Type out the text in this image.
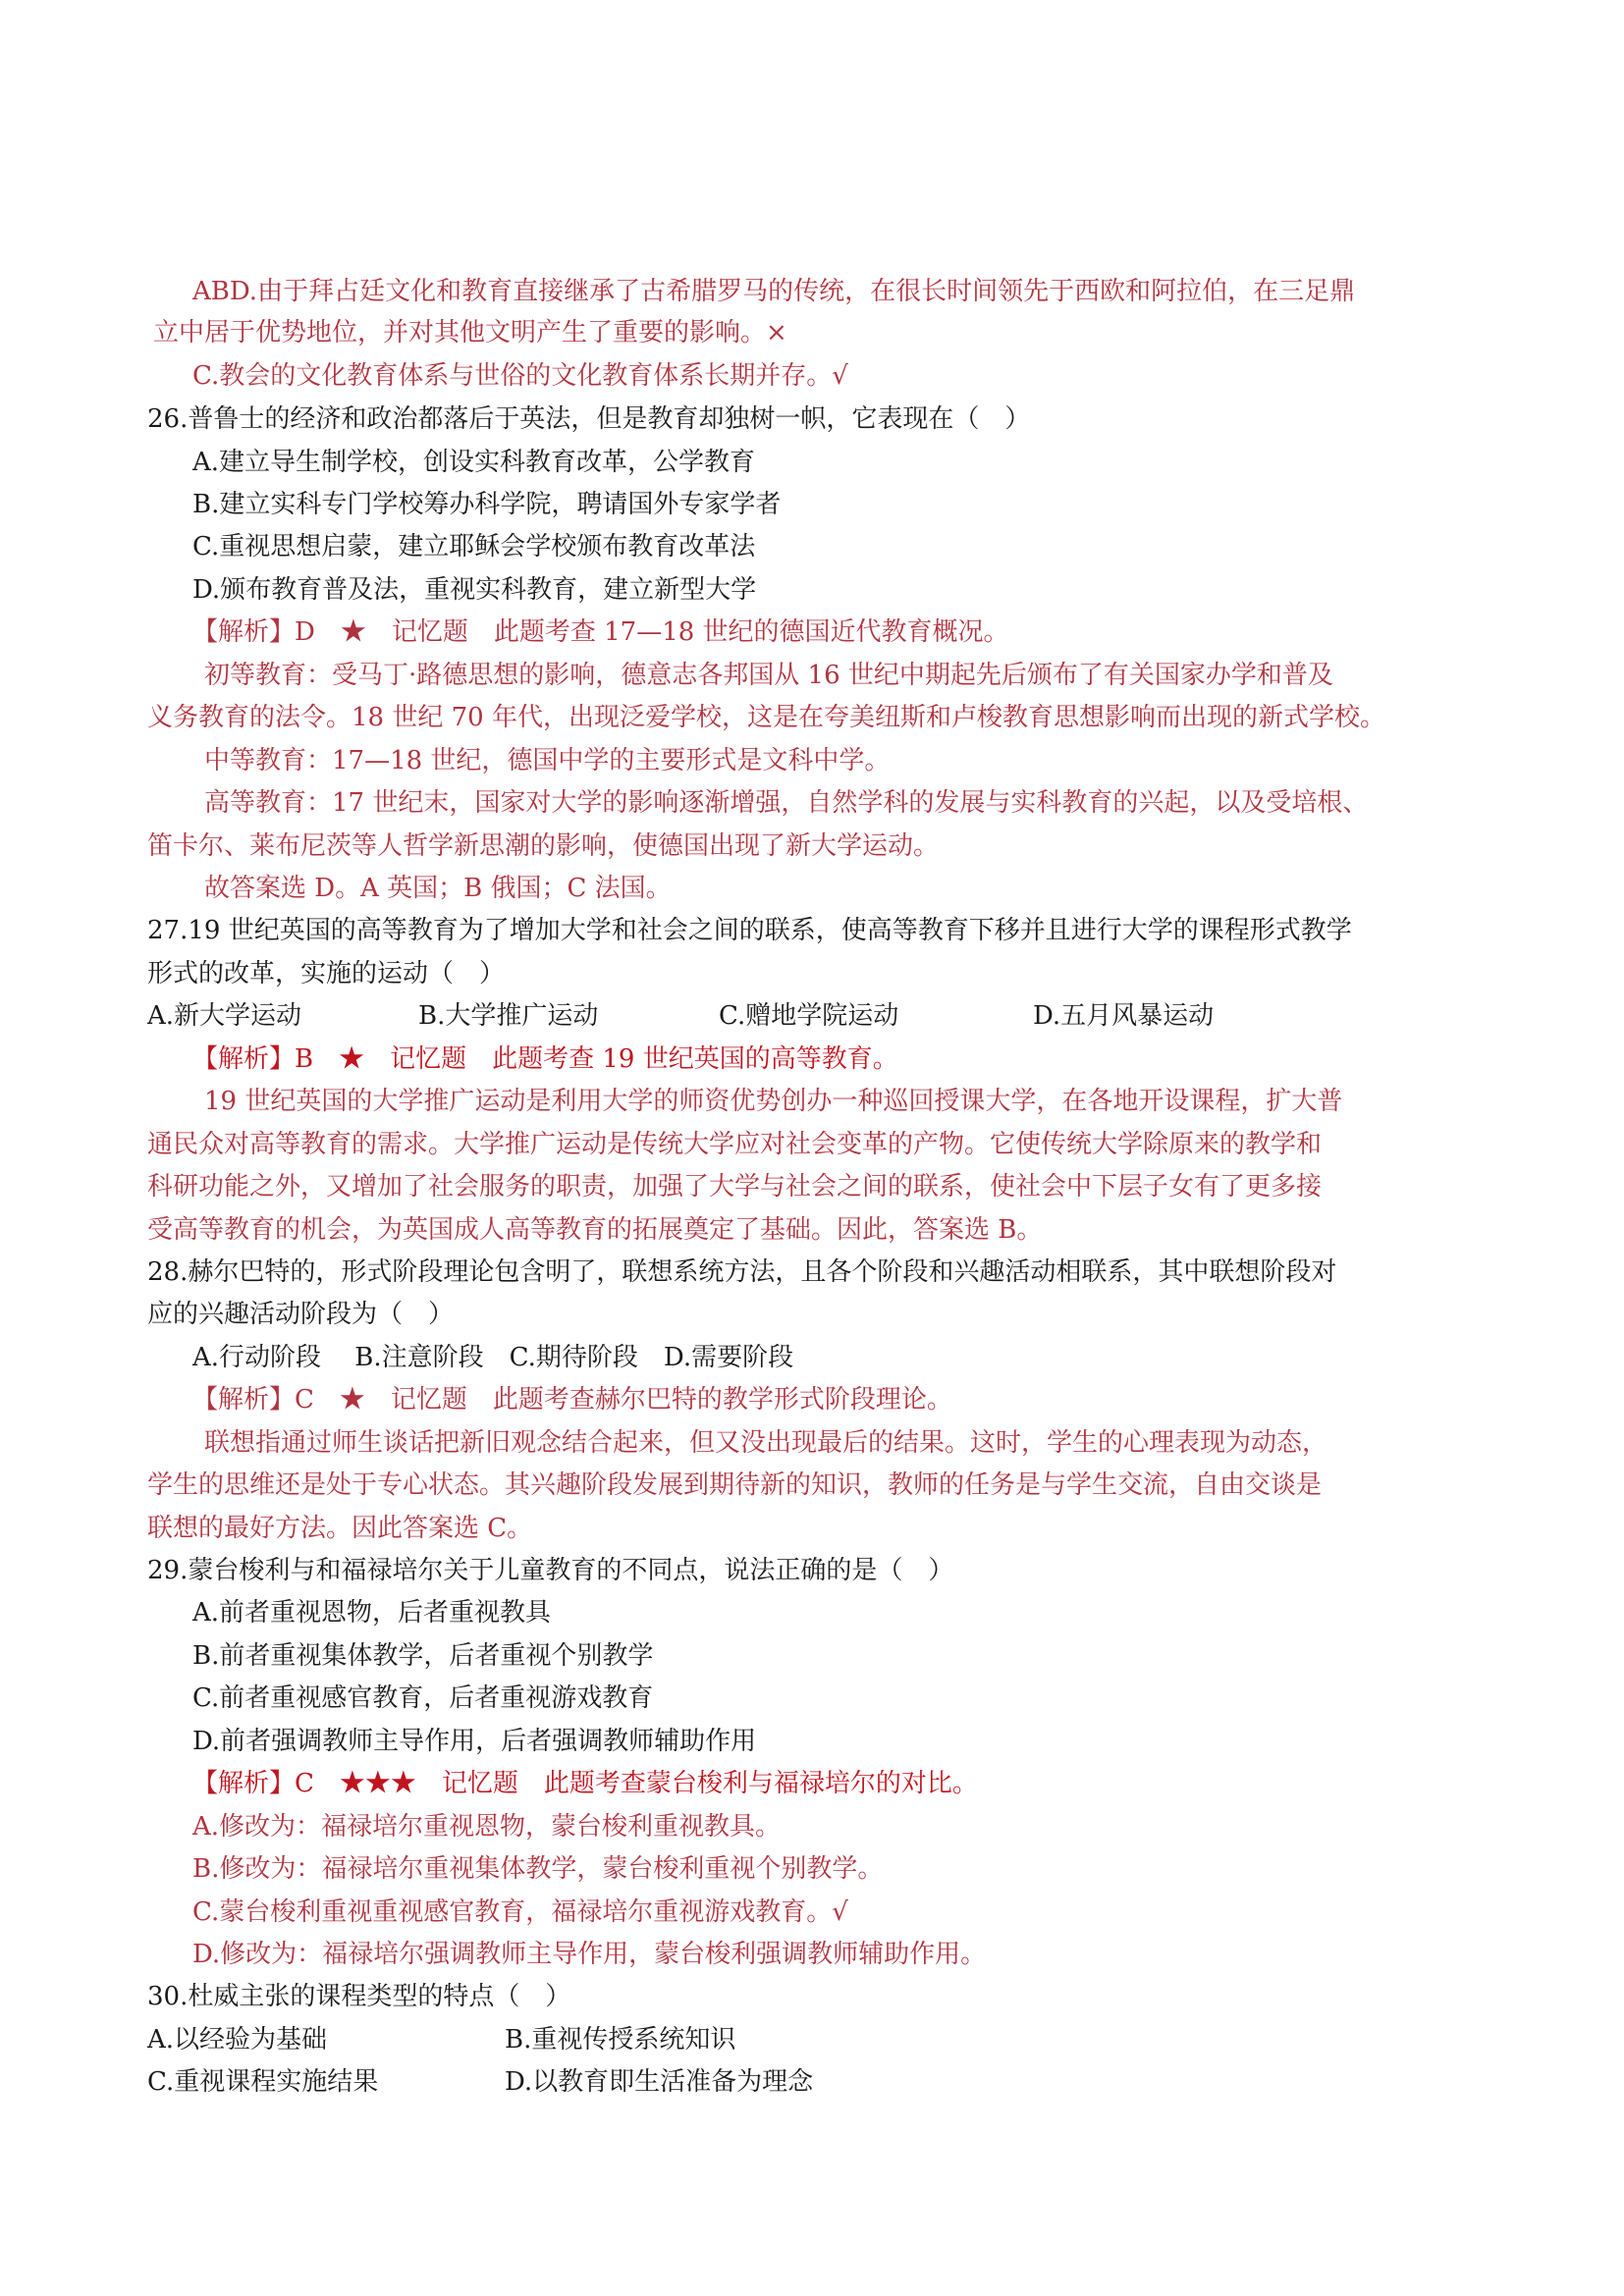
ABD.由于拜占廷文化和教育直接继承了古希腊罗马的传统，在很长时间领先于西欧和阿拉伯，在三足鼎
立中居于优势地位，并对其他文明产生了重要的影响。×
C.教会的文化教育体系与世俗的文化教育体系长期并存。√
26.普鲁士的经济和政治都落后于英法，但是教育却独树一帜，它表现在（　）
A.建立导生制学校，创设实科教育改革，公学教育
B.建立实科专门学校筹办科学院，聘请国外专家学者
C.重视思想启蒙，建立耶稣会学校颁布教育改革法
D.颁布教育普及法，重视实科教育，建立新型大学
【解析】D　★　记忆题　此题考查 17—18 世纪的德国近代教育概况。
初等教育：受马丁·路德思想的影响，德意志各邦国从 16 世纪中期起先后颁布了有关国家办学和普及
义务教育的法令。18 世纪 70 年代，出现泛爱学校，这是在夸美纽斯和卢梭教育思想影响而出现的新式学校。
中等教育：17—18 世纪，德国中学的主要形式是文科中学。
高等教育：17 世纪末，国家对大学的影响逐渐增强，自然学科的发展与实科教育的兴起，以及受培根、
笛卡尔、莱布尼茨等人哲学新思潮的影响，使德国出现了新大学运动。
故答案选 D。A 英国；B 俄国；C 法国。
27.19 世纪英国的高等教育为了增加大学和社会之间的联系，使高等教育下移并且进行大学的课程形式教学
形式的改革，实施的运动（　）
A.新大学运动	B.大学推广运动	C.赠地学院运动	D.五月风暴运动
【解析】B　★　记忆题　此题考查 19 世纪英国的高等教育。
19 世纪英国的大学推广运动是利用大学的师资优势创办一种巡回授课大学，在各地开设课程，扩大普
通民众对高等教育的需求。大学推广运动是传统大学应对社会变革的产物。它使传统大学除原来的教学和
科研功能之外，又增加了社会服务的职责，加强了大学与社会之间的联系，使社会中下层子女有了更多接
受高等教育的机会，为英国成人高等教育的拓展奠定了基础。因此，答案选 B。
28.赫尔巴特的，形式阶段理论包含明了，联想系统方法，且各个阶段和兴趣活动相联系，其中联想阶段对
应的兴趣活动阶段为（　）
A.行动阶段　 B.注意阶段　C.期待阶段　D.需要阶段
【解析】C　★　记忆题　此题考查赫尔巴特的教学形式阶段理论。
联想指通过师生谈话把新旧观念结合起来，但又没出现最后的结果。这时，学生的心理表现为动态，
学生的思维还是处于专心状态。其兴趣阶段发展到期待新的知识，教师的任务是与学生交流，自由交谈是
联想的最好方法。因此答案选 C。
29.蒙台梭利与和福禄培尔关于儿童教育的不同点，说法正确的是（　）
A.前者重视恩物，后者重视教具
B.前者重视集体教学，后者重视个别教学
C.前者重视感官教育，后者重视游戏教育
D.前者强调教师主导作用，后者强调教师辅助作用
【解析】C　★★★　记忆题　此题考查蒙台梭利与福禄培尔的对比。
A.修改为：福禄培尔重视恩物，蒙台梭利重视教具。
B.修改为：福禄培尔重视集体教学，蒙台梭利重视个别教学。
C.蒙台梭利重视重视感官教育，福禄培尔重视游戏教育。√
D.修改为：福禄培尔强调教师主导作用，蒙台梭利强调教师辅助作用。
30.杜威主张的课程类型的特点（　）
A.以经验为基础	B.重视传授系统知识
C.重视课程实施结果	D.以教育即生活准备为理念
